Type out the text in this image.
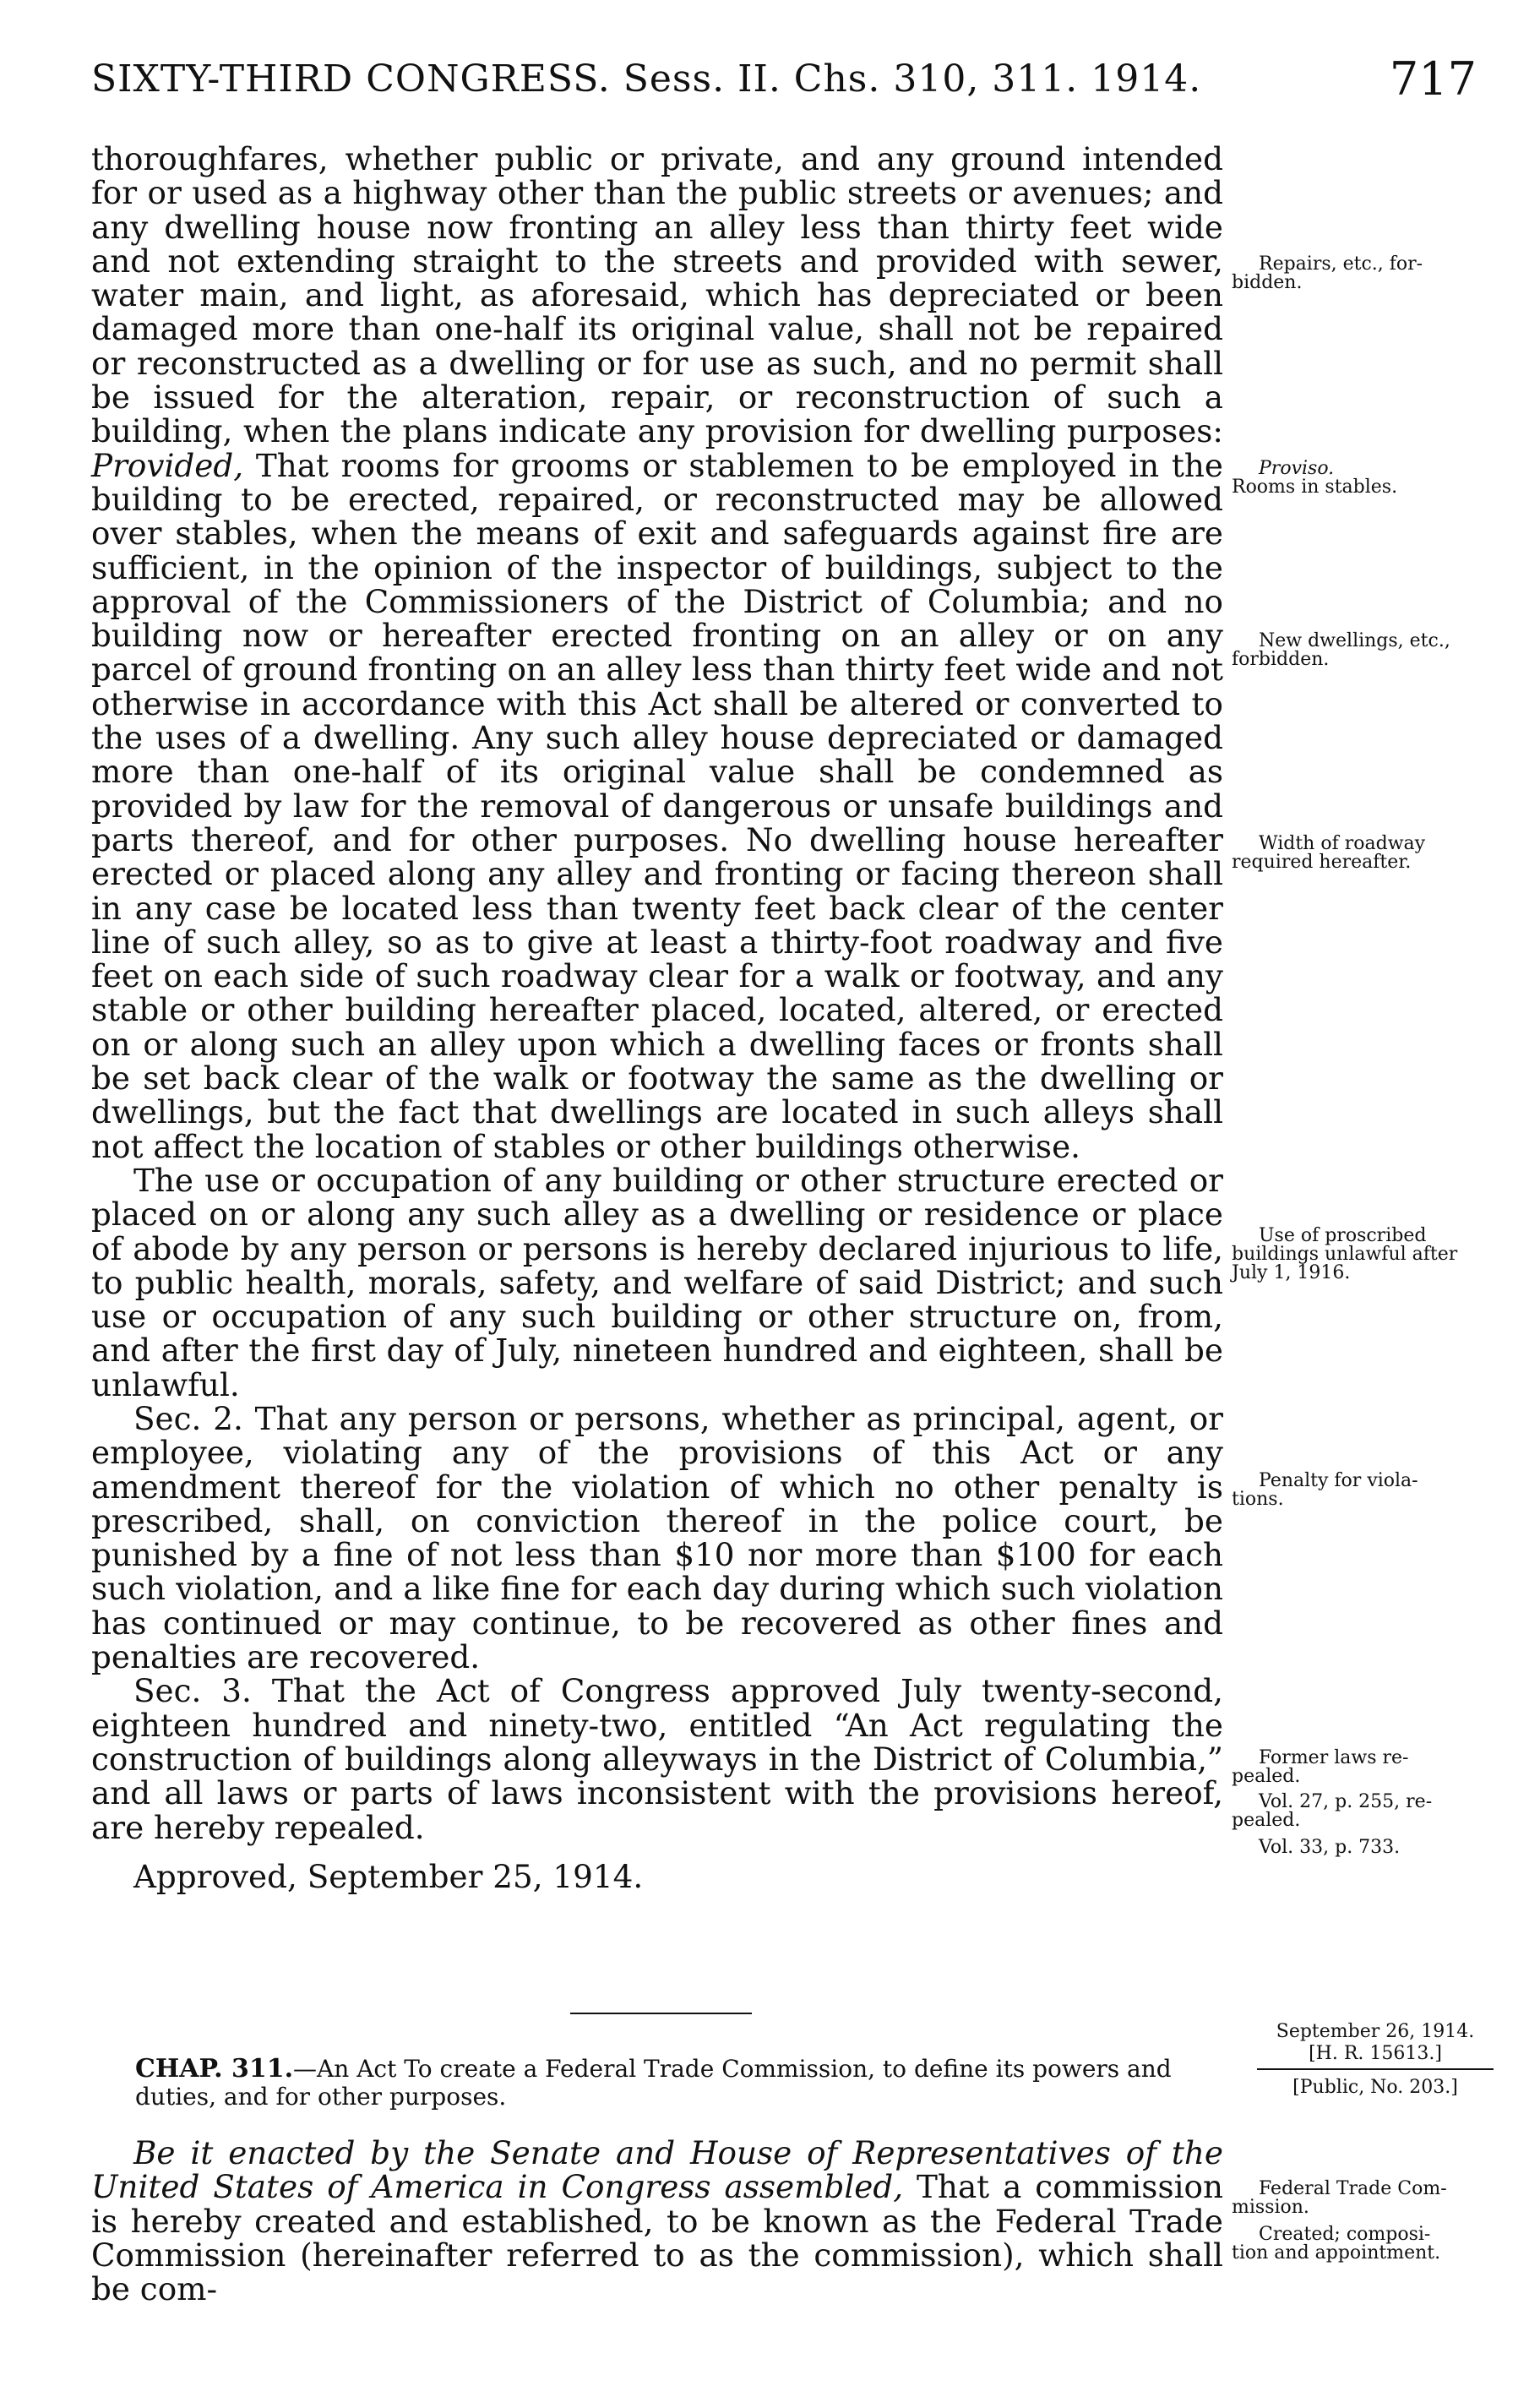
SIXTY-THIRD CONGRESS. Sess. II. Chs. 310, 311. 1914.	717

thoroughfares, whether public or private, and any ground intended for or used as a highway other than the public streets or avenues; and any dwelling house now fronting an alley less than thirty feet wide and not extending straight to the streets and provided with sewer, water main, and light, as aforesaid, which has depreciated or been damaged more than one-half its original value, shall not be repaired or reconstructed as a dwelling or for use as such, and no permit shall be issued for the alteration, repair, or reconstruction of such a building, when the plans indicate any provision for dwelling purposes: Provided, That rooms for grooms or stablemen to be employed in the building to be erected, repaired, or reconstructed may be allowed over stables, when the means of exit and safeguards against fire are sufficient, in the opinion of the inspector of buildings, subject to the approval of the Commissioners of the District of Columbia; and no building now or hereafter erected fronting on an alley or on any parcel of ground fronting on an alley less than thirty feet wide and not otherwise in accordance with this Act shall be altered or converted to the uses of a dwelling. Any such alley house depreciated or damaged more than one-half of its original value shall be condemned as provided by law for the removal of dangerous or unsafe buildings and parts thereof, and for other purposes. No dwelling house hereafter erected or placed along any alley and fronting or facing thereon shall in any case be located less than twenty feet back clear of the center line of such alley, so as to give at least a thirty-foot roadway and five feet on each side of such roadway clear for a walk or footway, and any stable or other building hereafter placed, located, altered, or erected on or along such an alley upon which a dwelling faces or fronts shall be set back clear of the walk or footway the same as the dwelling or dwellings, but the fact that dwellings are located in such alleys shall not affect the location of stables or other buildings otherwise.

The use or occupation of any building or other structure erected or placed on or along any such alley as a dwelling or residence or place of abode by any person or persons is hereby declared injurious to life, to public health, morals, safety, and welfare of said District; and such use or occupation of any such building or other structure on, from, and after the first day of July, nineteen hundred and eighteen, shall be unlawful.

Sec. 2. That any person or persons, whether as principal, agent, or employee, violating any of the provisions of this Act or any amendment thereof for the violation of which no other penalty is prescribed, shall, on conviction thereof in the police court, be punished by a fine of not less than $10 nor more than $100 for each such violation, and a like fine for each day during which such violation has continued or may continue, to be recovered as other fines and penalties are recovered.

Sec. 3. That the Act of Congress approved July twenty-second, eighteen hundred and ninety-two, entitled “An Act regulating the construction of buildings along alleyways in the District of Columbia,” and all laws or parts of laws inconsistent with the provisions hereof, are hereby repealed.

Approved, September 25, 1914.

Repairs, etc., for-
bidden.
Proviso.
Rooms in stables.
New dwellings, etc.,
forbidden.
Width of roadway
required hereafter.
Use of proscribed
buildings unlawful after July 1, 1916.
Penalty for viola-
tions.
Former laws re-
pealed.
Vol. 27, p. 255, re-
pealed.
Vol. 33, p. 733.
Federal Trade Com-
mission.
Created; composi-
tion and appointment.
September 26, 1914.
[H. R. 15613.]
[Public, No. 203.]
CHAP. 311.—An Act To create a Federal Trade Commission, to define its powers and duties, and for other purposes.

Be it enacted by the Senate and House of Representatives of the United States of America in Congress assembled, That a commission is hereby created and established, to be known as the Federal Trade Commission (hereinafter referred to as the commission), which shall be com-
